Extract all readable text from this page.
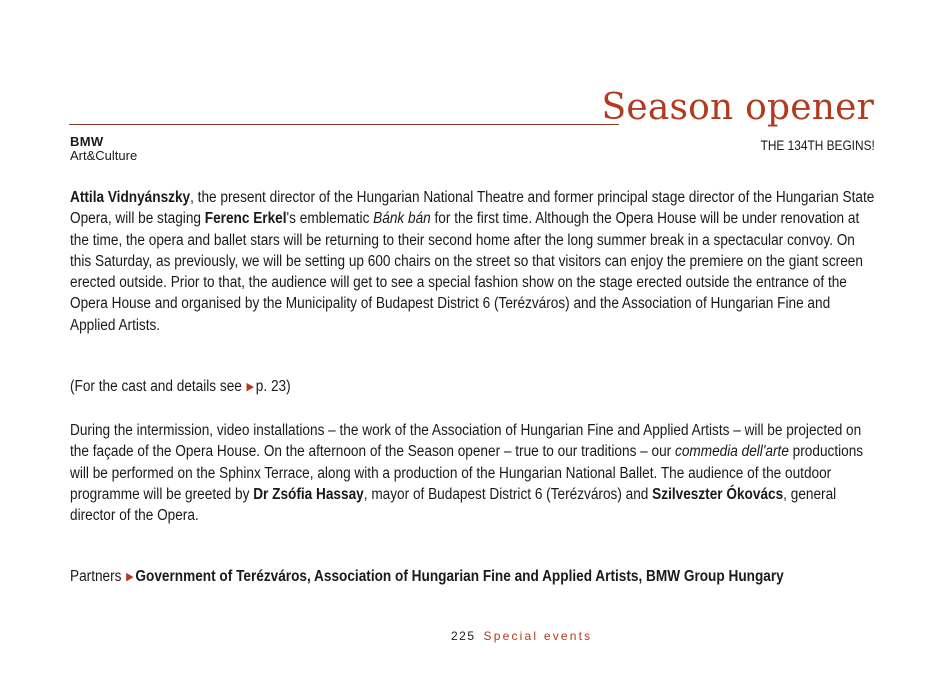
Season opener
THE 134TH BEGINS!
BMW
Art&Culture
Attila Vidnyánszky, the present director of the Hungarian National Theatre and former principal stage director of the Hungarian State Opera, will be staging Ferenc Erkel's emblematic Bánk bán for the first time. Although the Opera House will be under renovation at the time, the opera and ballet stars will be returning to their second home after the long summer break in a spectacular convoy. On this Saturday, as previously, we will be setting up 600 chairs on the street so that visitors can enjoy the premiere on the giant screen erected outside. Prior to that, the audience will get to see a special fashion show on the stage erected outside the entrance of the Opera House and organised by the Municipality of Budapest District 6 (Terézváros) and the Association of Hungarian Fine and Applied Artists.
(For the cast and details see ▶ p. 23)
During the intermission, video installations – the work of the Association of Hungarian Fine and Applied Artists – will be projected on the façade of the Opera House. On the afternoon of the Season opener – true to our traditions – our commedia dell'arte productions will be performed on the Sphinx Terrace, along with a production of the Hungarian National Ballet. The audience of the outdoor programme will be greeted by Dr Zsófia Hassay, mayor of Budapest District 6 (Terézváros) and Szilveszter Ókovács, general director of the Opera.
Partners ▶ Government of Terézváros, Association of Hungarian Fine and Applied Artists, BMW Group Hungary
225 Special events
